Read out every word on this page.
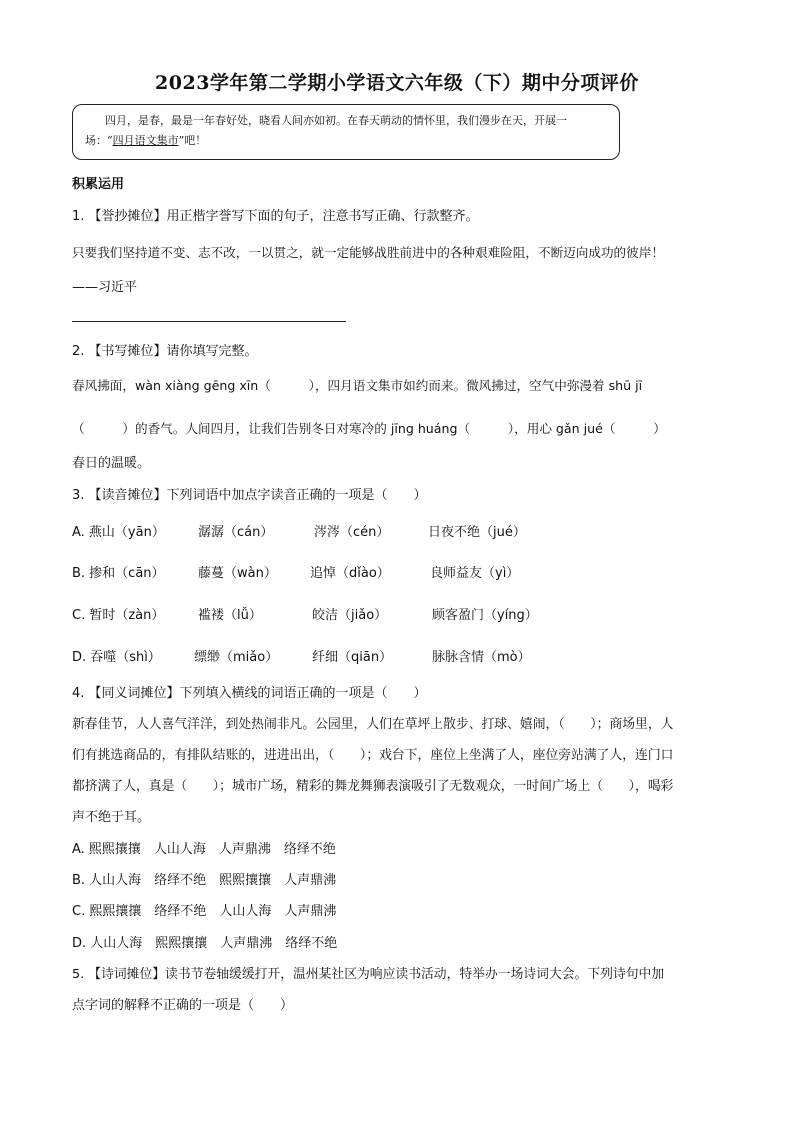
2023学年第二学期小学语文六年级（下）期中分项评价
四月，是春，最是一年春好处，晓看人间亦如初。在春天萌动的情怀里，我们漫步在天，开展一
场：“四月语文集市”吧！
积累运用
1. 【誉抄摊位】用正楷字誉写下面的句子，注意书写正确、行款整齐。
只要我们坚持道不变、志不改，一以贯之，就一定能够战胜前进中的各种艰难险阻，不断迈向成功的彼岸！
——习近平
2. 【书写摊位】请你填写完整。
春风拂面，wàn xiàng gēng xīn（　　　），四月语文集市如约而来。微风拂过，空气中弥漫着 shū jī
（　　　）的香气。人间四月，让我们告别冬日对寒冷的 jīng huáng（　　　），用心 gǎn jué（　　　）
春日的温暖。
3. 【读音摊位】下列词语中加点字读音正确的一项是（　　）
A. 燕山（yān）	潺潺（cán）	涔涔（cén）	日夜不绝（jué）
B. 掺和（cān）	藤蔓（wàn）	追悼（dǐào）	良师益友（yì）
C. 暂时（zàn）	褴褛（lǚ）	皎洁（jiǎo）	顾客盈门（yíng）
D. 吞噬（shì）	缥缈（miǎo）	纤细（qiān）	脉脉含情（mò）
4. 【同义词摊位】下列填入横线的词语正确的一项是（　　）
新春佳节，人人喜气洋洋，到处热闹非凡。公园里，人们在草坪上散步、打球、嬉闹，（　　）；商场里，人
们有挑选商品的，有排队结账的，进进出出，（　　）；戏台下，座位上坐满了人，座位旁站满了人，连门口
都挤满了人，真是（　　）；城市广场，精彩的舞龙舞狮表演吸引了无数观众，一时间广场上（　　），喝彩
声不绝于耳。
A. 熙熙攘攘　人山人海　人声鼎沸　络绎不绝
B. 人山人海　络绎不绝　熙熙攘攘　人声鼎沸
C. 熙熙攘攘　络绎不绝　人山人海　人声鼎沸
D. 人山人海　熙熙攘攘　人声鼎沸　络绎不绝
5. 【诗词摊位】读书节卷轴缓缓打开，温州某社区为响应读书活动，特举办一场诗词大会。下列诗句中加
点字词的解释不正确的一项是（　　）
